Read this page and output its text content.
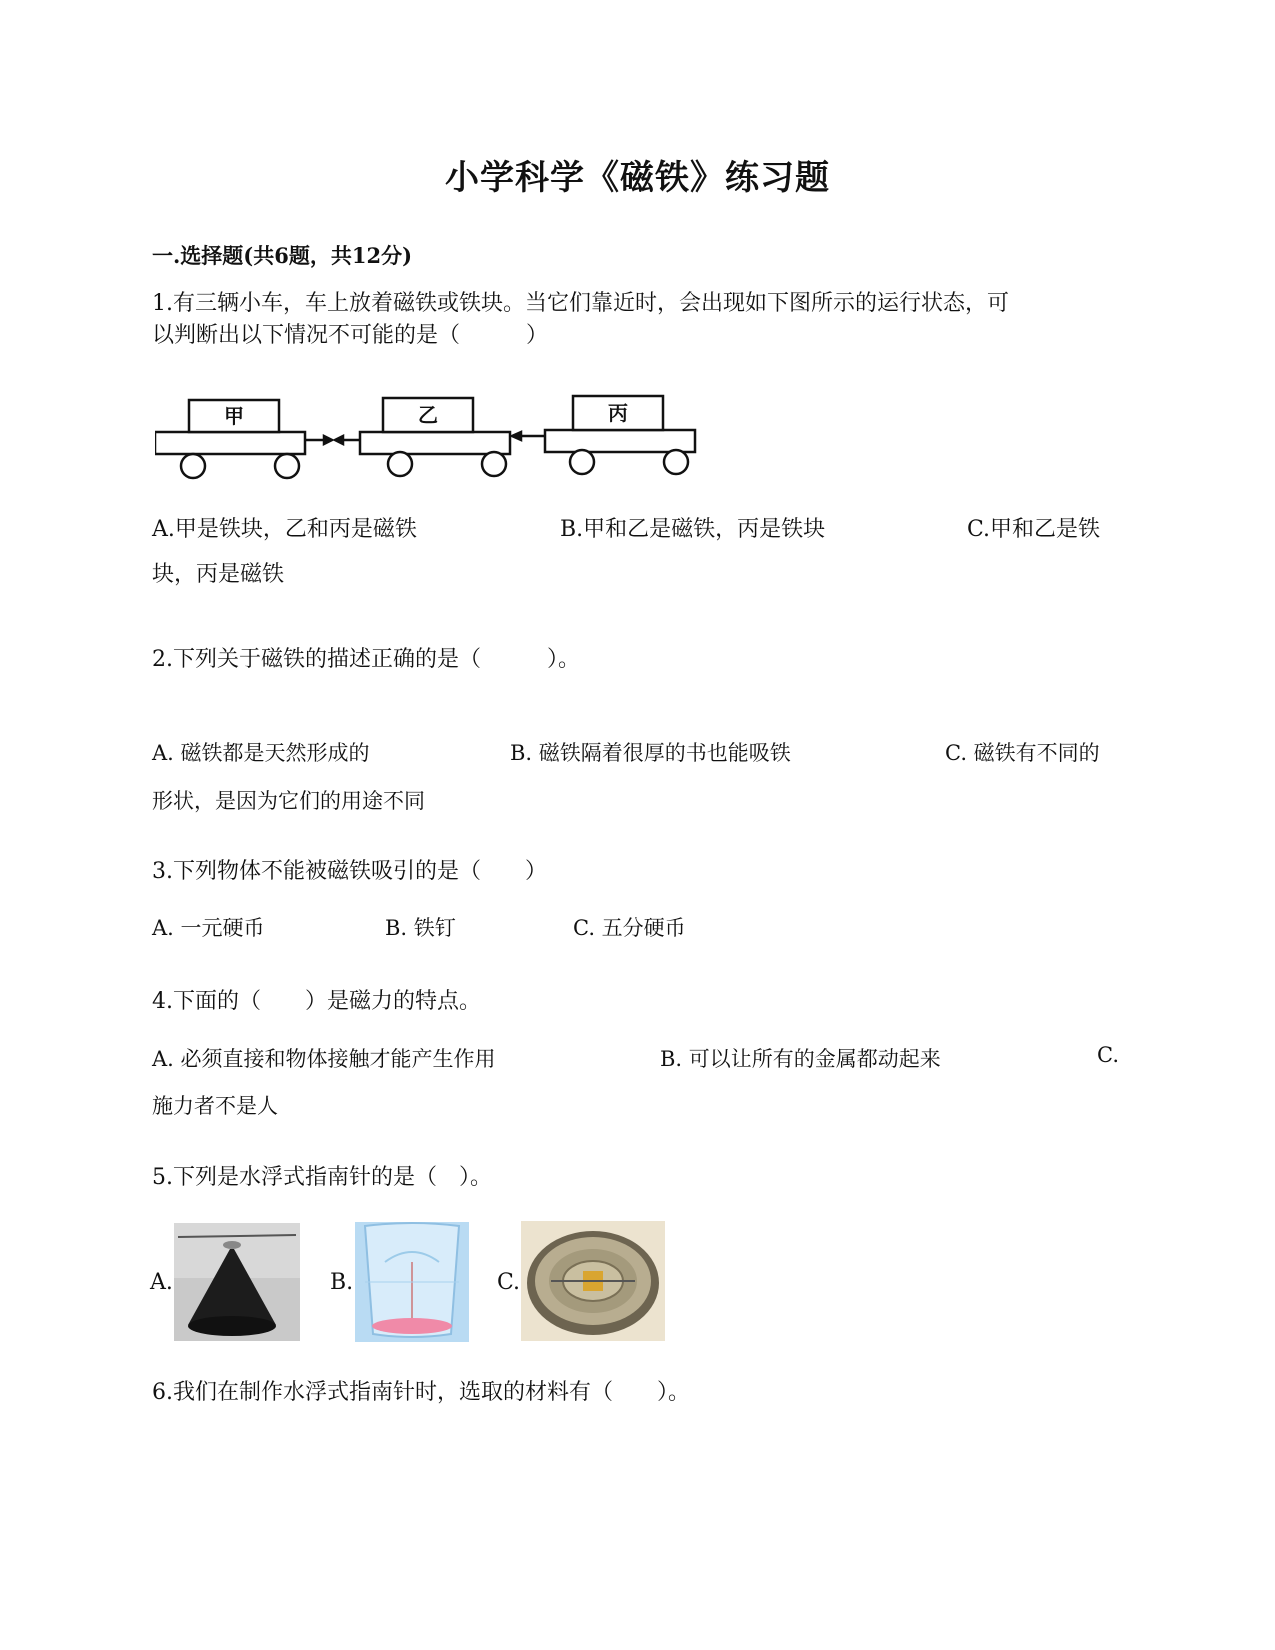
小学科学《磁铁》练习题
一.选择题(共6题，共12分)
1.有三辆小车，车上放着磁铁或铁块。当它们靠近时，会出现如下图所示的运行状态，可
以判断出以下情况不可能的是（　　　）
甲	乙	丙
A.甲是铁块，乙和丙是磁铁	B.甲和乙是磁铁，丙是铁块	C.甲和乙是铁
块，丙是磁铁
2.下列关于磁铁的描述正确的是（　　　）。
A. 磁铁都是天然形成的	B. 磁铁隔着很厚的书也能吸铁	C. 磁铁有不同的
形状，是因为它们的用途不同
3.下列物体不能被磁铁吸引的是（　　）
A. 一元硬币	B. 铁钉	C. 五分硬币
4.下面的（　　）是磁力的特点。
A. 必须直接和物体接触才能产生作用	B. 可以让所有的金属都动起来	C.
施力者不是人
5.下列是水浮式指南针的是（　）。
A.	B.	C.
6.我们在制作水浮式指南针时，选取的材料有（　　）。
